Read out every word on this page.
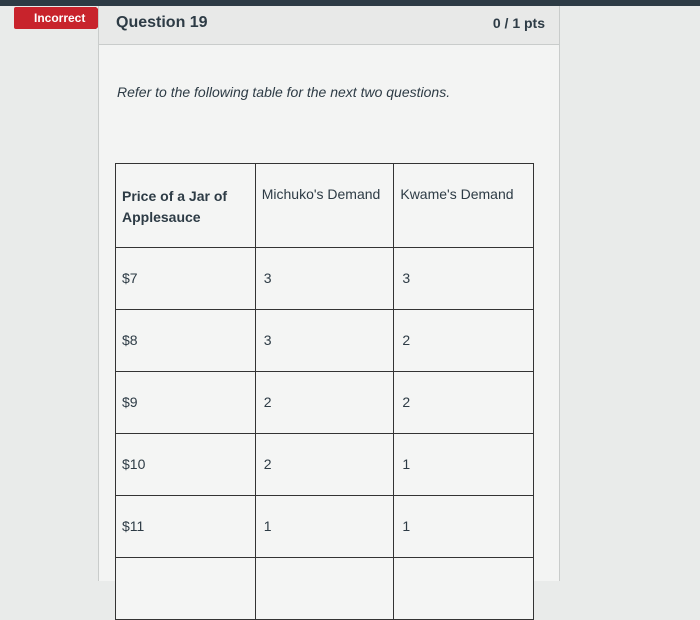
Incorrect	Question 19	0 / 1 pts
Refer to the following table for the next two questions.
Price of a Jar of Applesauce	Michuko's Demand	Kwame's Demand
$7	3	3
$8	3	2
$9	2	2
$10	2	1
$11	1	1
